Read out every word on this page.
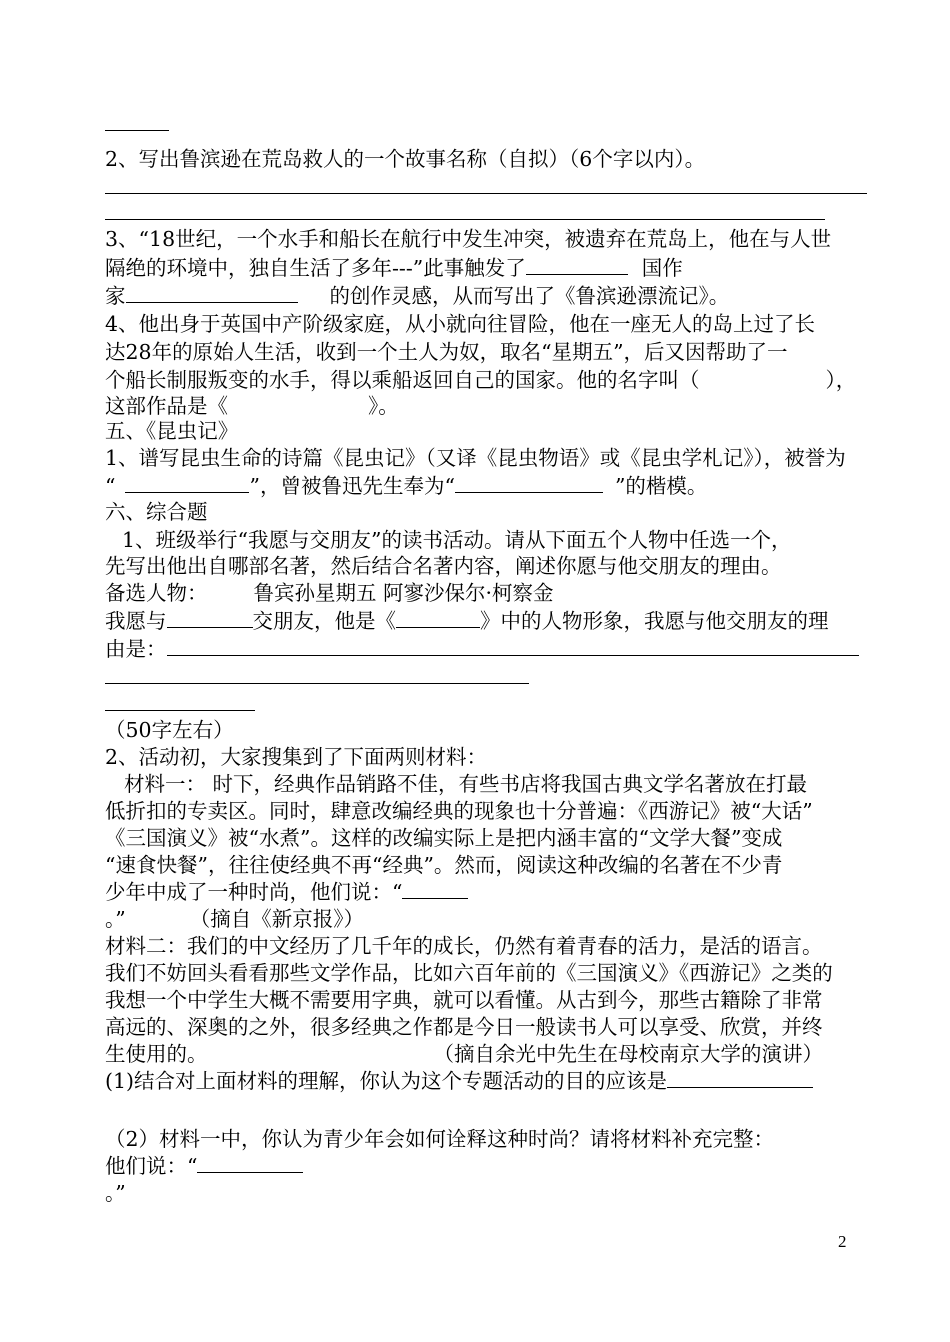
2、写出鲁滨逊在荒岛救人的一个故事名称（自拟）（6个字以内）。
3、“18世纪，一个水手和船长在航行中发生冲突，被遗弃在荒岛上，他在与人世
隔绝的环境中，独自生活了多年---”此事触发了	国作
家	的创作灵感，从而写出了《鲁滨逊漂流记》。
4、他出身于英国中产阶级家庭，从小就向往冒险，他在一座无人的岛上过了长
达28年的原始人生活，收到一个土人为奴，取名“星期五”，后又因帮助了一
个船长制服叛变的水手，得以乘船返回自己的国家。他的名字叫（	），
这部作品是《	》。
五、《昆虫记》
1、谱写昆虫生命的诗篇《昆虫记》（又译《昆虫物语》或《昆虫学札记》），被誉为
“	”，曾被鲁迅先生奉为“	”的楷模。
六、综合题
1、班级举行“我愿与交朋友”的读书活动。请从下面五个人物中任选一个，
先写出他出自哪部名著，然后结合名著内容，阐述你愿与他交朋友的理由。
备选人物： 鲁宾孙星期五 阿寥沙保尔·柯察金
我愿与	交朋友，他是《	》中的人物形象，我愿与他交朋友的理
由是：
（50字左右）
2、活动初，大家搜集到了下面两则材料：
材料一： 时下，经典作品销路不佳，有些书店将我国古典文学名著放在打最
低折扣的专卖区。同时，肆意改编经典的现象也十分普遍：《西游记》被“大话”
《三国演义》被“水煮”。这样的改编实际上是把内涵丰富的“文学大餐”变成
“速食快餐”，往往使经典不再“经典”。然而，阅读这种改编的名著在不少青
少年中成了一种时尚，他们说：“
。”	（摘自《新京报》）
材料二：我们的中文经历了几千年的成长，仍然有着青春的活力，是活的语言。
我们不妨回头看看那些文学作品，比如六百年前的《三国演义》《西游记》之类的
我想一个中学生大概不需要用字典，就可以看懂。从古到今，那些古籍除了非常
高远的、深奥的之外，很多经典之作都是今日一般读书人可以享受、欣赏，并终
生使用的。	（摘自余光中先生在母校南京大学的演讲）
(1)结合对上面材料的理解，你认为这个专题活动的目的应该是
（2）材料一中，你认为青少年会如何诠释这种时尚？请将材料补充完整：
他们说：“
。”
2
